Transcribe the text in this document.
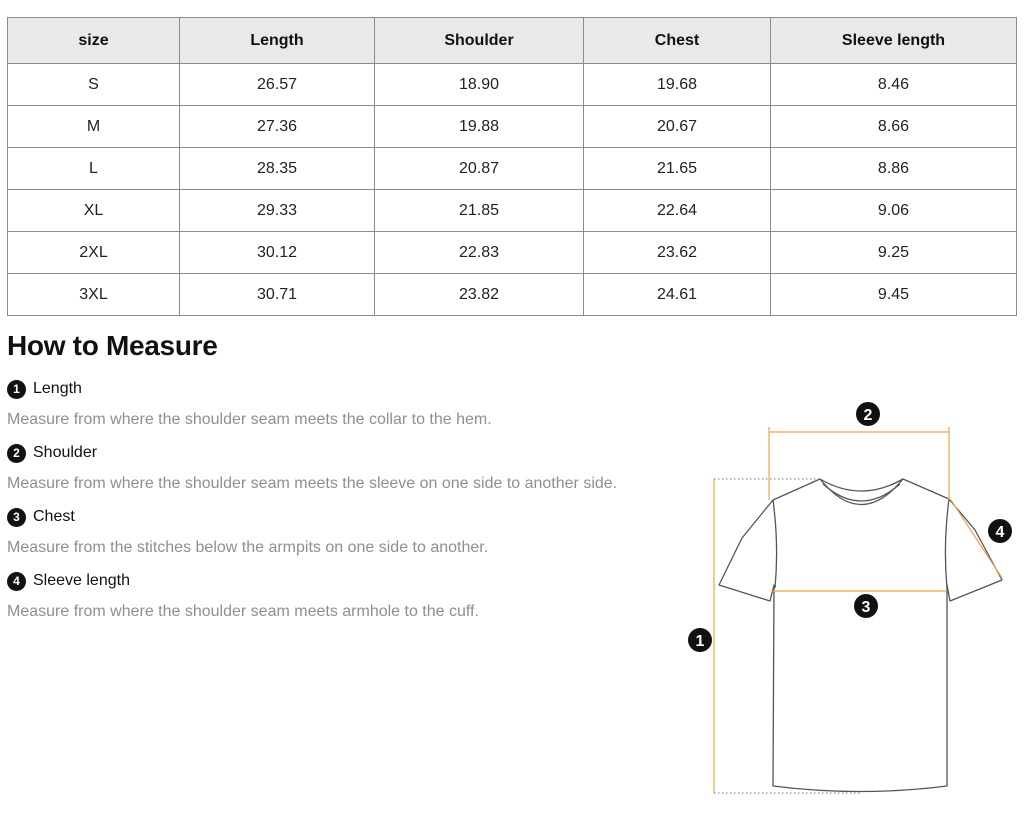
size	Length	Shoulder	Chest	Sleeve length
S	26.57	18.90	19.68	8.46
M	27.36	19.88	20.67	8.66
L	28.35	20.87	21.65	8.86
XL	29.33	21.85	22.64	9.06
2XL	30.12	22.83	23.62	9.25
3XL	30.71	23.82	24.61	9.45
How to Measure
1 Length
Measure from where the shoulder seam meets the collar to the hem.
2 Shoulder
Measure from where the shoulder seam meets the sleeve on one side to another side.
3 Chest
Measure from the stitches below the armpits on one side to another.
4 Sleeve length
Measure from where the shoulder seam meets armhole to the cuff.
1
2
3
4
